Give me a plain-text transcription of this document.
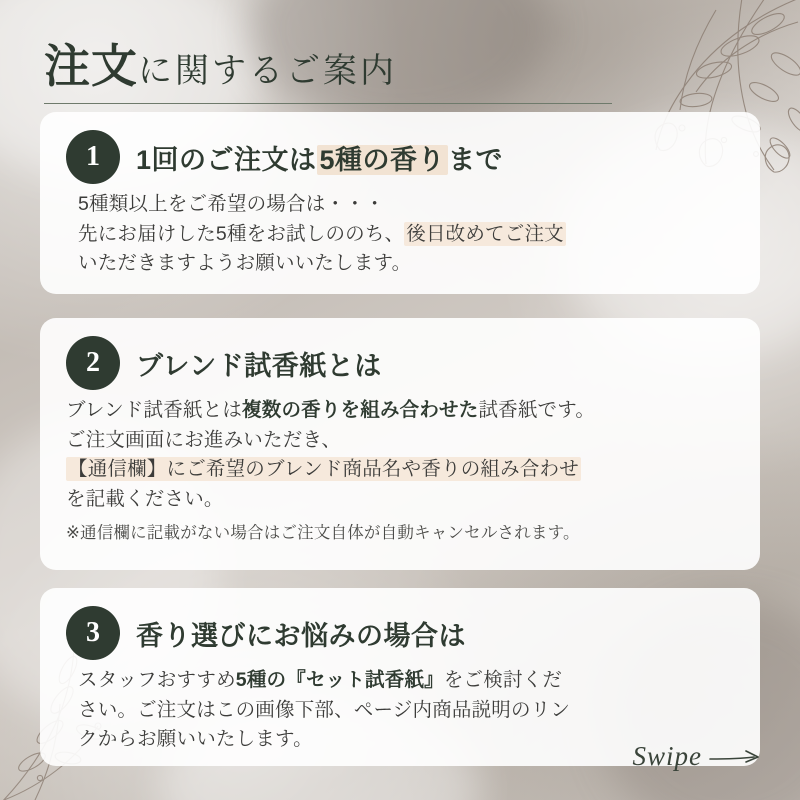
注文に関するご案内
1	1回のご注文は 5種の香り まで
5種類以上をご希望の場合は・・・
先にお届けした5種をお試しののち、 後日改めてご注文
いただきますようお願いいたします。
2	ブレンド試香紙とは
ブレンド試香紙とは複数の香りを組み合わせた試香紙です。
ご注文画面にお進みいただき、
【通信欄】にご希望のブレンド商品名や香りの組み合わせ
を記載ください。
※通信欄に記載がない場合はご注文自体が自動キャンセルされます。
3	香り選びにお悩みの場合は
スタッフおすすめ5種の『セット試香紙』をご検討くだ
さい。ご注文はこの画像下部、ページ内商品説明のリン
クからお願いいたします。
Swipe
